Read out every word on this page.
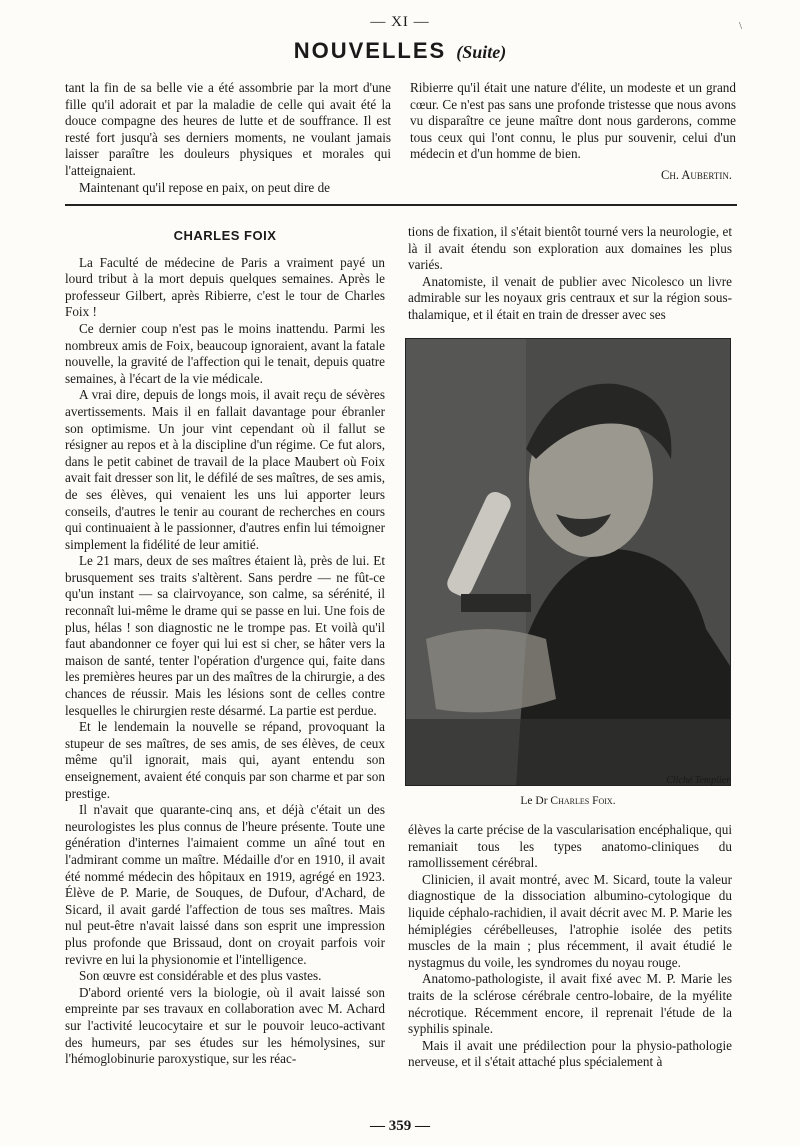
— XI —	\
NOUVELLES (Suite)

tant la fin de sa belle vie a été assombrie par la mort d'une fille qu'il adorait et par la maladie de celle qui avait été la douce compagne des heures de lutte et de souffrance. Il est resté fort jusqu'à ses derniers moments, ne voulant jamais laisser paraître les douleurs physiques et morales qui l'atteignaient.

Maintenant qu'il repose en paix, on peut dire de

Ribierre qu'il était une nature d'élite, un modeste et un grand cœur. Ce n'est pas sans une profonde tristesse que nous avons vu disparaître ce jeune maître dont nous garderons, comme tous ceux qui l'ont connu, le plus pur souvenir, celui d'un médecin et d'un homme de bien.

Ch. Aubertin.
CHARLES FOIX

La Faculté de médecine de Paris a vraiment payé un lourd tribut à la mort depuis quelques semaines. Après le professeur Gilbert, après Ribierre, c'est le tour de Charles Foix !

Ce dernier coup n'est pas le moins inattendu. Parmi les nombreux amis de Foix, beaucoup ignoraient, avant la fatale nouvelle, la gravité de l'affection qui le tenait, depuis quatre semaines, à l'écart de la vie médicale.

A vrai dire, depuis de longs mois, il avait reçu de sévères avertissements. Mais il en fallait davantage pour ébranler son optimisme. Un jour vint cependant où il fallut se résigner au repos et à la discipline d'un régime. Ce fut alors, dans le petit cabinet de travail de la place Maubert où Foix avait fait dresser son lit, le défilé de ses maîtres, de ses amis, de ses élèves, qui venaient les uns lui apporter leurs conseils, d'autres le tenir au courant de recherches en cours qui continuaient à le passionner, d'autres enfin lui témoigner simplement la fidélité de leur amitié.

Le 21 mars, deux de ses maîtres étaient là, près de lui. Et brusquement ses traits s'altèrent. Sans perdre — ne fût-ce qu'un instant — sa clairvoyance, son calme, sa sérénité, il reconnaît lui-même le drame qui se passe en lui. Une fois de plus, hélas ! son diagnostic ne le trompe pas. Et voilà qu'il faut abandonner ce foyer qui lui est si cher, se hâter vers la maison de santé, tenter l'opération d'urgence qui, faite dans les premières heures par un des maîtres de la chirurgie, a des chances de réussir. Mais les lésions sont de celles contre lesquelles le chirurgien reste désarmé. La partie est perdue.

Et le lendemain la nouvelle se répand, provoquant la stupeur de ses maîtres, de ses amis, de ses élèves, de ceux même qu'il ignorait, mais qui, ayant entendu son enseignement, avaient été conquis par son charme et par son prestige.

Il n'avait que quarante-cinq ans, et déjà c'était un des neurologistes les plus connus de l'heure présente. Toute une génération d'internes l'aimaient comme un aîné tout en l'admirant comme un maître. Médaille d'or en 1910, il avait été nommé médecin des hôpitaux en 1919, agrégé en 1923. Élève de P. Marie, de Souques, de Dufour, d'Achard, de Sicard, il avait gardé l'affection de tous ses maîtres. Mais nul peut-être n'avait laissé dans son esprit une impression plus profonde que Brissaud, dont on croyait parfois voir revivre en lui la physionomie et l'intelligence.

Son œuvre est considérable et des plus vastes.

D'abord orienté vers la biologie, où il avait laissé son empreinte par ses travaux en collaboration avec M. Achard sur l'activité leucocytaire et sur le pouvoir leuco-activant des humeurs, par ses études sur les hémolysines, sur l'hémoglobinurie paroxystique, sur les réac-

tions de fixation, il s'était bientôt tourné vers la neurologie, et là il avait étendu son exploration aux domaines les plus variés.

Anatomiste, il venait de publier avec Nicolesco un livre admirable sur les noyaux gris centraux et sur la région sous-thalamique, et il était en train de dresser avec ses

Cliché Templier
Le Dr Charles Foix.

élèves la carte précise de la vascularisation encéphalique, qui remaniait tous les types anatomo-cliniques du ramollissement cérébral.

Clinicien, il avait montré, avec M. Sicard, toute la valeur diagnostique de la dissociation albumino-cytologique du liquide céphalo-rachidien, il avait décrit avec M. P. Marie les hémiplégies cérébelleuses, l'atrophie isolée des petits muscles de la main ; plus récemment, il avait étudié le nystagmus du voile, les syndromes du noyau rouge.

Anatomo-pathologiste, il avait fixé avec M. P. Marie les traits de la sclérose cérébrale centro-lobaire, de la myélite nécrotique. Récemment encore, il reprenait l'étude de la syphilis spinale.

Mais il avait une prédilection pour la physio-pathologie nerveuse, et il s'était attaché plus spécialement à

— 359 —
